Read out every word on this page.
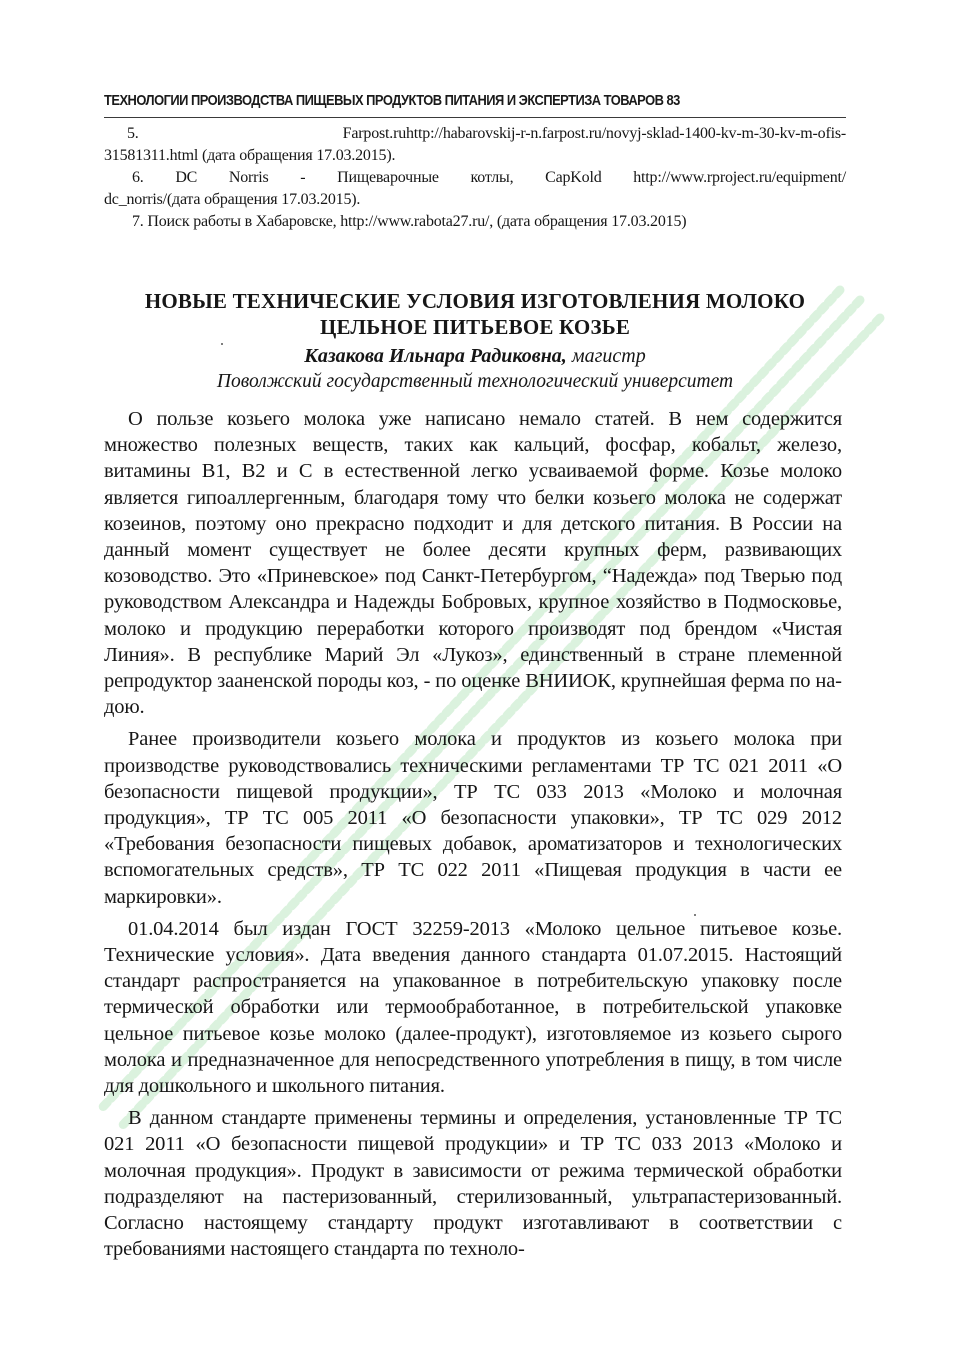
ТЕХНОЛОГИИ ПРОИЗВОДСТВА ПИЩЕВЫХ ПРОДУКТОВ ПИТАНИЯ И ЭКСПЕРТИЗА ТОВАРОВ 83
5. Farpost.ruhttp://habarovskij-r-n.farpost.ru/novyj-sklad-1400-kv-m-30-kv-m-ofis-
31581311.html (дата обращения 17.03.2015).
6. DC Norris - Пищеварочные котлы, CapKold http://www.rproject.ru/equipment/
dc_norris/(дата обращения 17.03.2015).
7. Поиск работы в Хабаровске, http://www.rabota27.ru/, (дата обращения 17.03.2015)
НОВЫЕ ТЕХНИЧЕСКИЕ УСЛОВИЯ ИЗГОТОВЛЕНИЯ МОЛОКО
ЦЕЛЬНОЕ ПИТЬЕВОЕ КОЗЬЕ
Казакова Ильнара Радиковна, магистр
Поволжский государственный технологический университет

О пользе козьего молока уже написано немало статей. В нем содержится множество полезных веществ, таких как кальций, фосфар, кобальт, железо, витамины B1, B2 и C в естественной легко усваиваемой форме. Козье молоко является гипоаллергенным, благодаря тому что белки козьего молока не содержат козеинов, поэтому оно прекрасно подходит и для детского питания. В России на данный момент существует не более десяти крупных ферм, развивающих козоводство. Это «Приневское» под Санкт-Петербургом, “Надежда» под Тверью под руководством Александра и Надежды Бобровых, крупное хозяйство в Подмосковье, молоко и продукцию переработки которого производят под брендом «Чистая Линия». В республике Марий Эл «Лукоз», единственный в стране племенной репродуктор зааненской породы коз, - по оценке ВНИИОК, крупнейшая ферма по надою.

Ранее производители козьего молока и продуктов из козьего молока при производстве руководствовались техническими регламентами ТР ТС 021 2011 «О безопасности пищевой продукции», ТР ТС 033 2013 «Молоко и молочная продукция», ТР ТС 005 2011 «О безопасности упаковки», ТР ТС 029 2012 «Требования безопасности пищевых добавок, ароматизаторов и технологических вспомогательных средств», ТР ТС 022 2011 «Пищевая продукция в части ее маркировки».

01.04.2014 был издан ГОСТ 32259-2013 «Молоко цельное питьевое козье. Технические условия». Дата введения данного стандарта 01.07.2015. Настоящий стандарт распространяется на упакованное в потребительскую упаковку после термической обработки или термообработанное, в потребительской упаковке цельное питьевое козье молоко (далее-продукт), изготовляемое из козьего сырого молока и предназначенное для непосредственного употребления в пищу, в том числе для дошкольного и школьного питания.

В данном стандарте применены термины и определения, установленные ТР ТС 021 2011 «О безопасности пищевой продукции» и ТР ТС 033 2013 «Молоко и молочная продукция». Продукт в зависимости от режима термической обработки подразделяют на пастеризованный, стерилизованный, ультрапастеризованный. Согласно настоящему стандарту продукт изготавливают в соответствии с требованиями настоящего стандарта по техноло-
